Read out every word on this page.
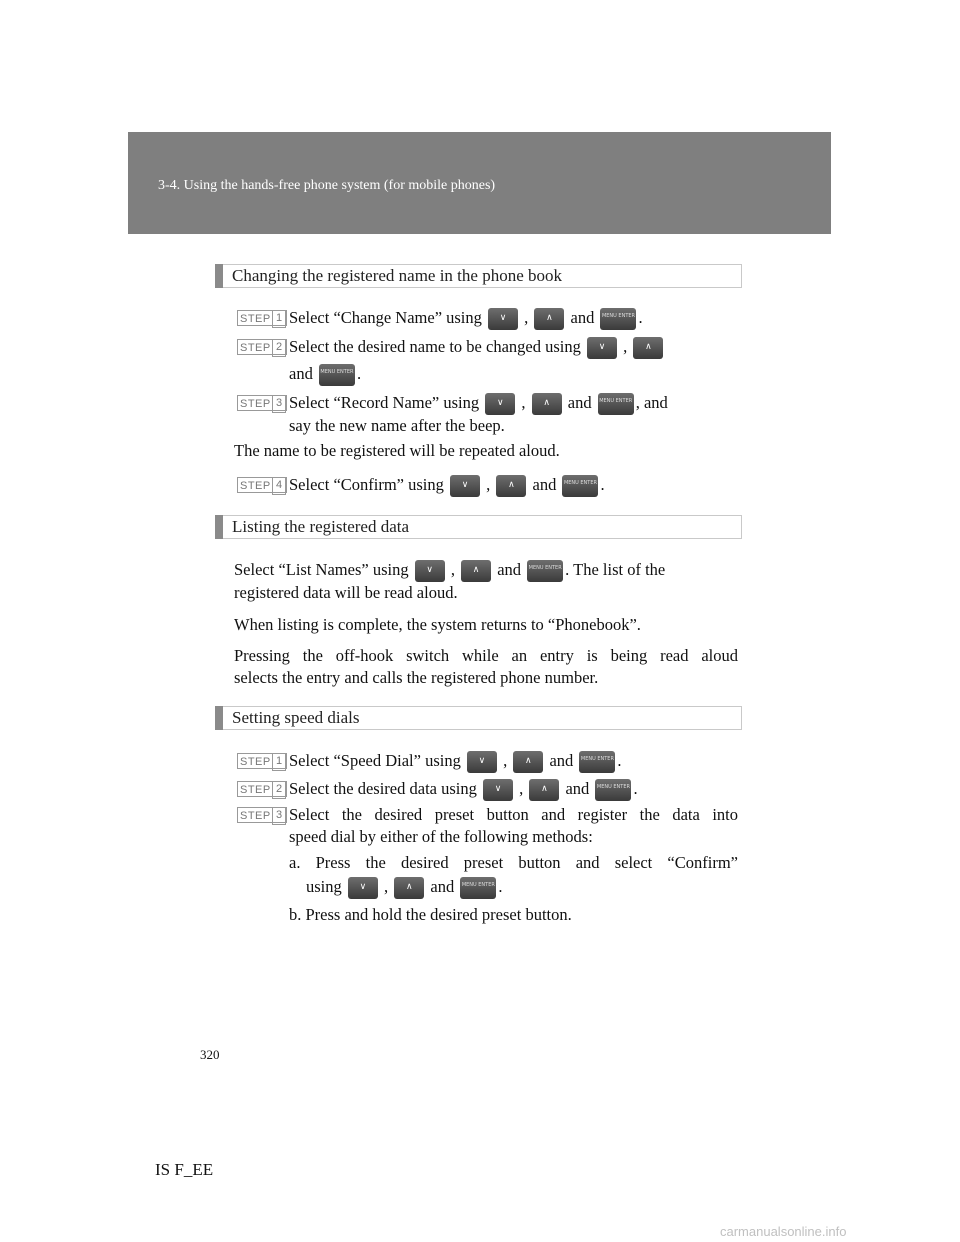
3-4. Using the hands-free phone system (for mobile phones)
Changing the registered name in the phone book
STEP 1 Select “Change Name” using	∨	,	∧	and MENU ENTER .
STEP 2 Select the desired name to be changed using	∨	,	∧
and MENU ENTER .
STEP 3 Select “Record Name” using	∨	,	∧	and MENU ENTER , and
say the new name after the beep.
The name to be registered will be repeated aloud.
STEP 4 Select “Confirm” using	∨	,	∧	and MENU ENTER .
Listing the registered data
Select “List Names” using	∨	,	∧	and MENU ENTER . The list of the
registered data will be read aloud.
When listing is complete, the system returns to “Phonebook”.
Pressing the off-hook switch while an entry is being read aloud
selects the entry and calls the registered phone number.
Setting speed dials
STEP 1 Select “Speed Dial” using	∨	,	∧	and MENU ENTER .
STEP 2 Select the desired data using	∨	,	∧	and MENU ENTER .
STEP 3 Select the desired preset button and register the data into
speed dial by either of the following methods:
a. Press the desired preset button and select “Confirm”
using	∨	,	∧	and MENU ENTER .
b. Press and hold the desired preset button.
320
IS F_EE
carmanualsonline.info
